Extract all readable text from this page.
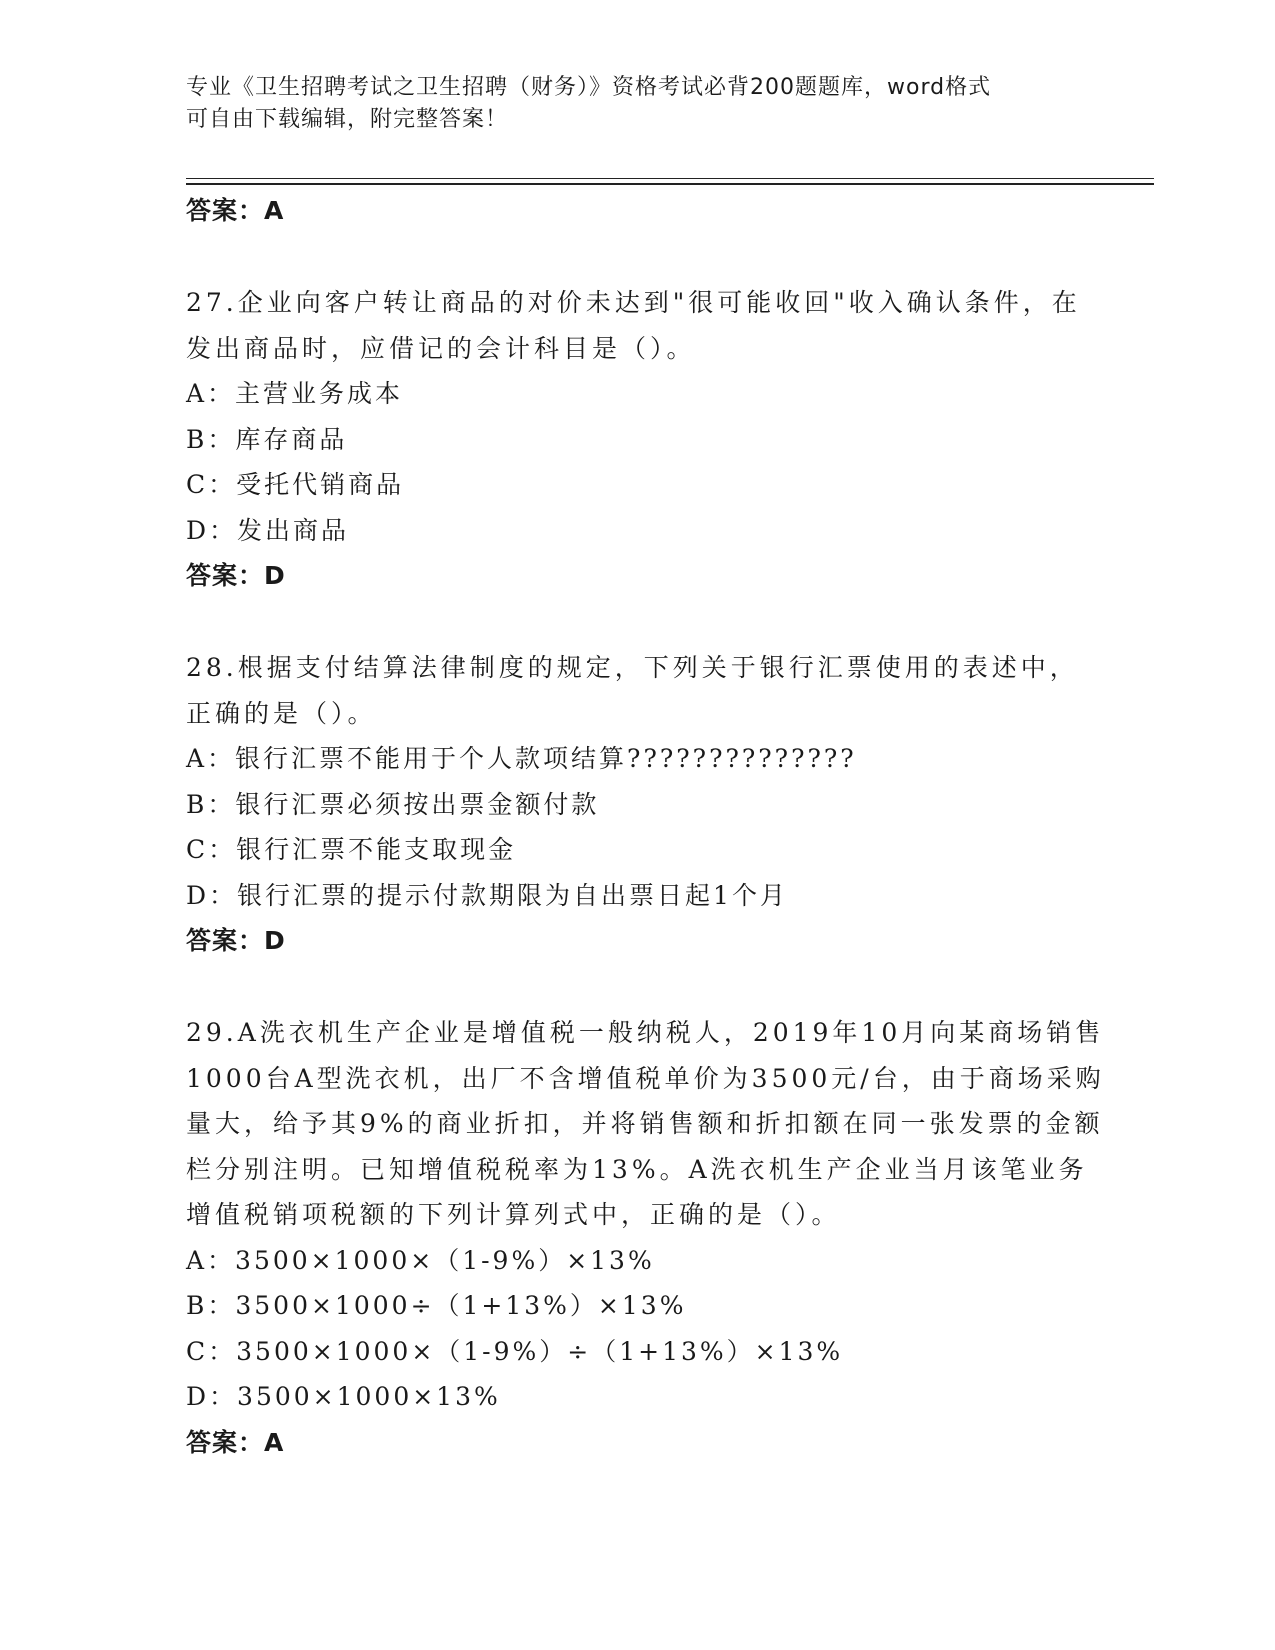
专业《卫生招聘考试之卫生招聘（财务）》资格考试必背200题题库，word格式
可自由下载编辑，附完整答案！
答案：A
27.企业向客户转让商品的对价未达到"很可能收回"收入确认条件，在发出商品时，应借记的会计科目是（）。
A：主营业务成本
B：库存商品
C：受托代销商品
D：发出商品
答案：D
28.根据支付结算法律制度的规定，下列关于银行汇票使用的表述中，正确的是（）。
A：银行汇票不能用于个人款项结算??????????????
B：银行汇票必须按出票金额付款
C：银行汇票不能支取现金
D：银行汇票的提示付款期限为自出票日起1个月
答案：D
29.A洗衣机生产企业是增值税一般纳税人，2019年10月向某商场销售1000台A型洗衣机，出厂不含增值税单价为3500元/台，由于商场采购量大，给予其9%的商业折扣，并将销售额和折扣额在同一张发票的金额栏分别注明。已知增值税税率为13%。A洗衣机生产企业当月该笔业务增值税销项税额的下列计算列式中，正确的是（）。
A：3500×1000×（1-9%）×13%
B：3500×1000÷（1+13%）×13%
C：3500×1000×（1-9%）÷（1+13%）×13%
D：3500×1000×13%
答案：A
